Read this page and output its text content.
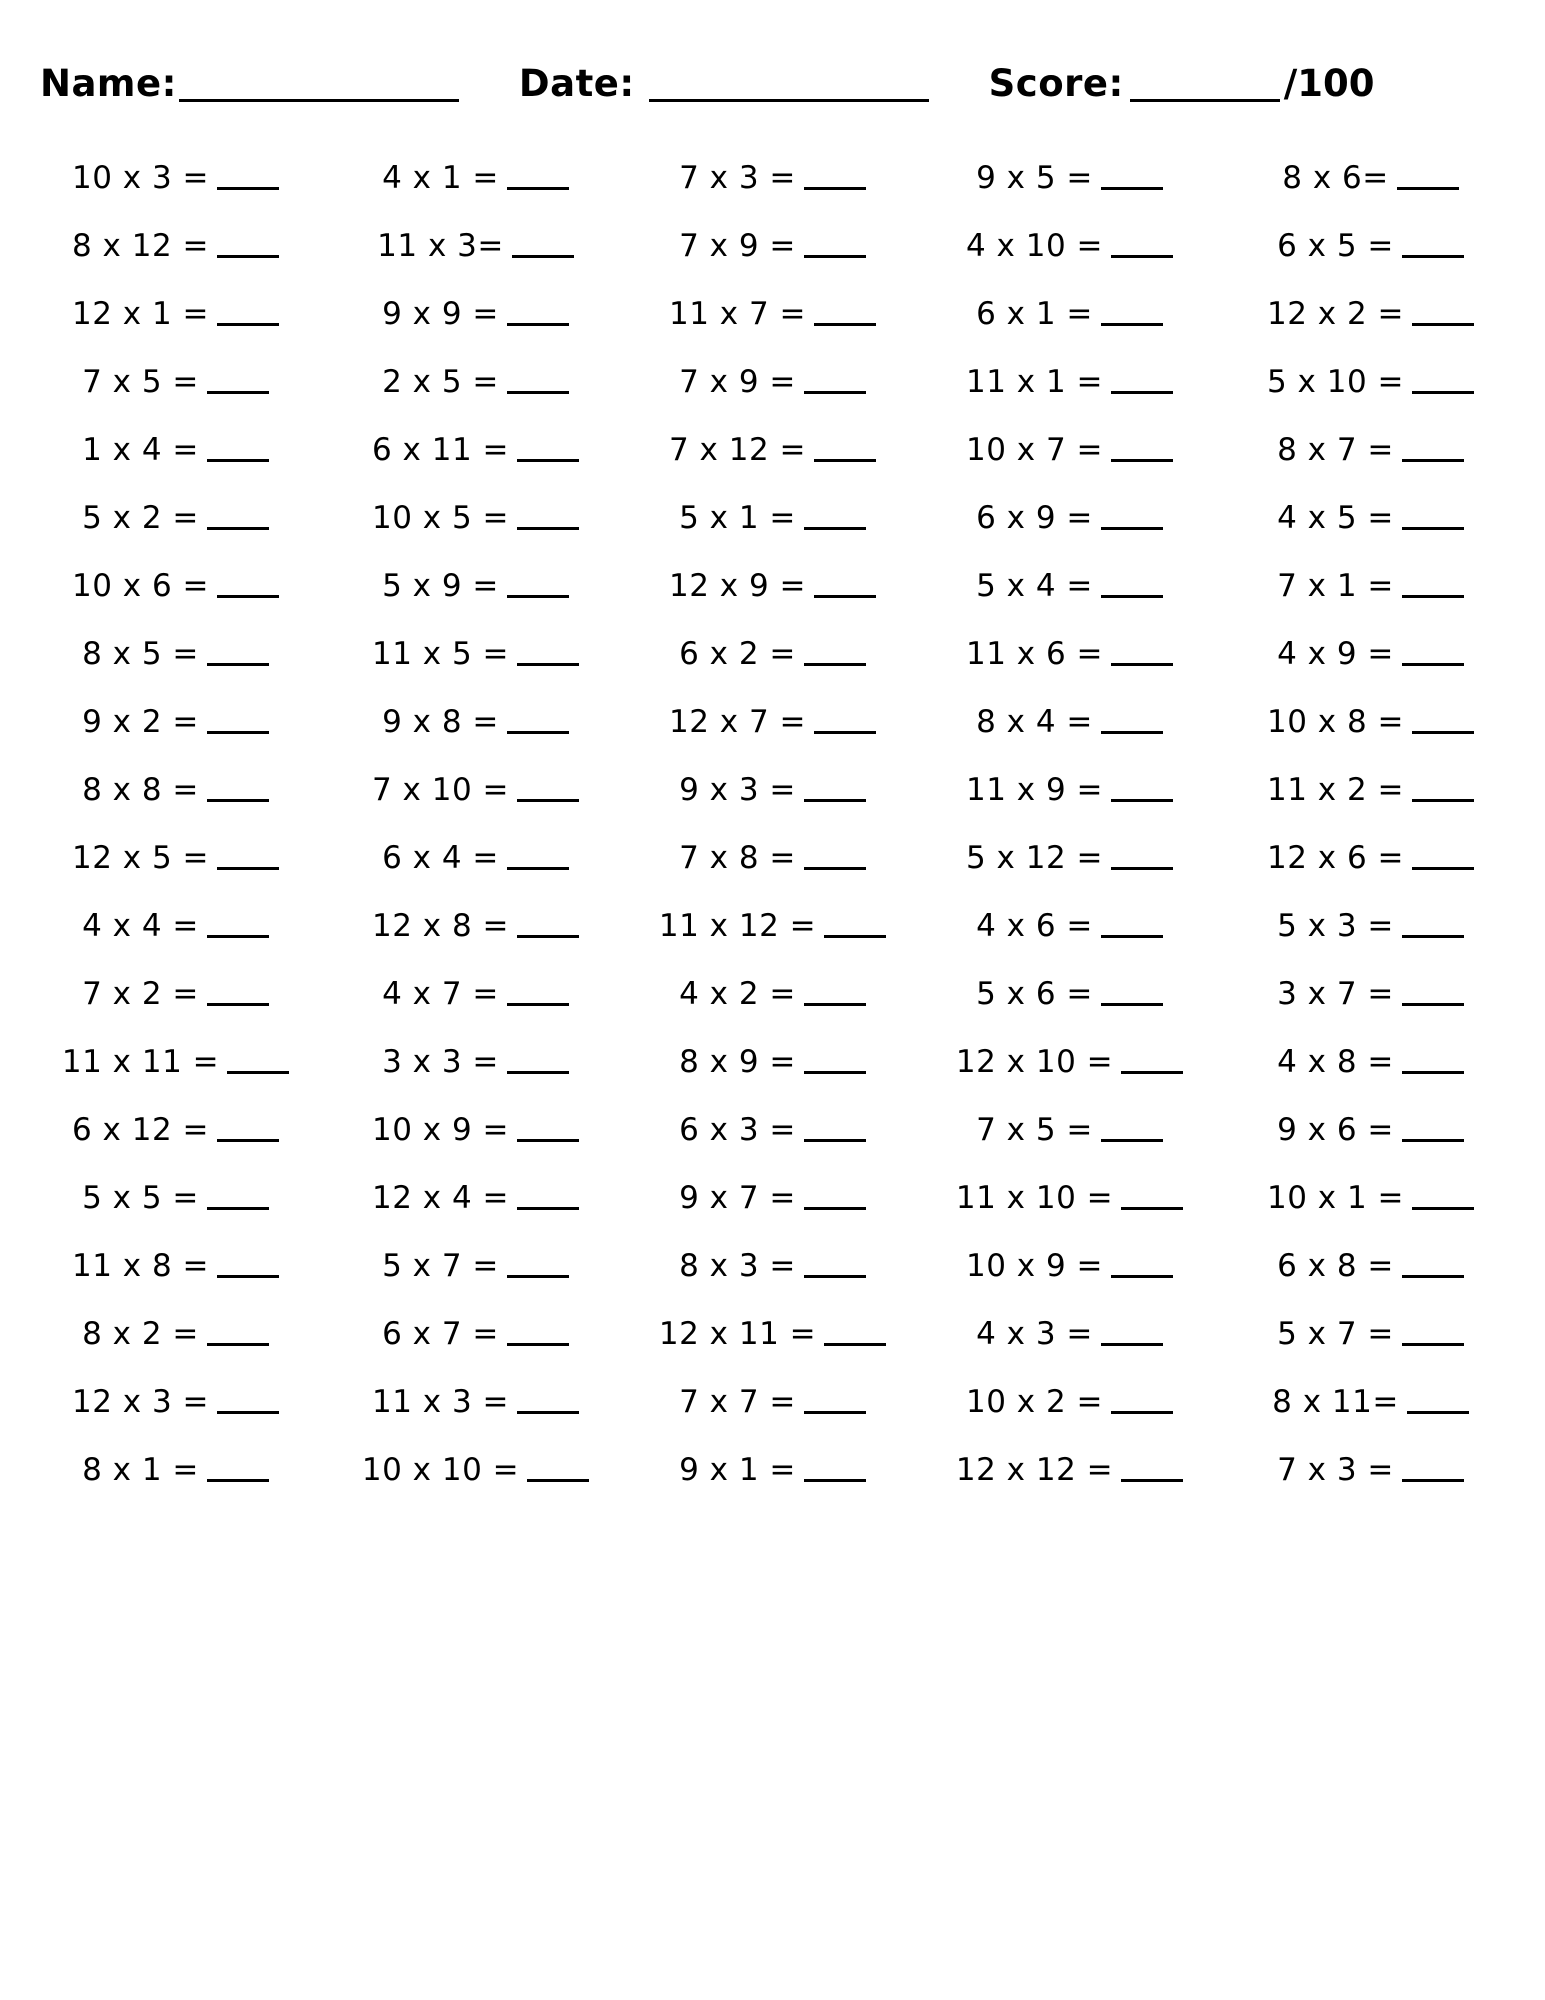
Name:	Date:	Score:	/100
10 x 3 =	4 x 1 =	7 x 3 =	9 x 5 =	8 x 6=
8 x 12 =	11 x 3=	7 x 9 =	4 x 10 =	6 x 5 =
12 x 1 =	9 x 9 =	11 x 7 =	6 x 1 =	12 x 2 =
7 x 5 =	2 x 5 =	7 x 9 =	11 x 1 =	5 x 10 =
1 x 4 =	6 x 11 =	7 x 12 =	10 x 7 =	8 x 7 =
5 x 2 =	10 x 5 =	5 x 1 =	6 x 9 =	4 x 5 =
10 x 6 =	5 x 9 =	12 x 9 =	5 x 4 =	7 x 1 =
8 x 5 =	11 x 5 =	6 x 2 =	11 x 6 =	4 x 9 =
9 x 2 =	9 x 8 =	12 x 7 =	8 x 4 =	10 x 8 =
8 x 8 =	7 x 10 =	9 x 3 =	11 x 9 =	11 x 2 =
12 x 5 =	6 x 4 =	7 x 8 =	5 x 12 =	12 x 6 =
4 x 4 =	12 x 8 =	11 x 12 =	4 x 6 =	5 x 3 =
7 x 2 =	4 x 7 =	4 x 2 =	5 x 6 =	3 x 7 =
11 x 11 =	3 x 3 =	8 x 9 =	12 x 10 =	4 x 8 =
6 x 12 =	10 x 9 =	6 x 3 =	7 x 5 =	9 x 6 =
5 x 5 =	12 x 4 =	9 x 7 =	11 x 10 =	10 x 1 =
11 x 8 =	5 x 7 =	8 x 3 =	10 x 9 =	6 x 8 =
8 x 2 =	6 x 7 =	12 x 11 =	4 x 3 =	5 x 7 =
12 x 3 =	11 x 3 =	7 x 7 =	10 x 2 =	8 x 11=
8 x 1 =	10 x 10 =	9 x 1 =	12 x 12 =	7 x 3 =
